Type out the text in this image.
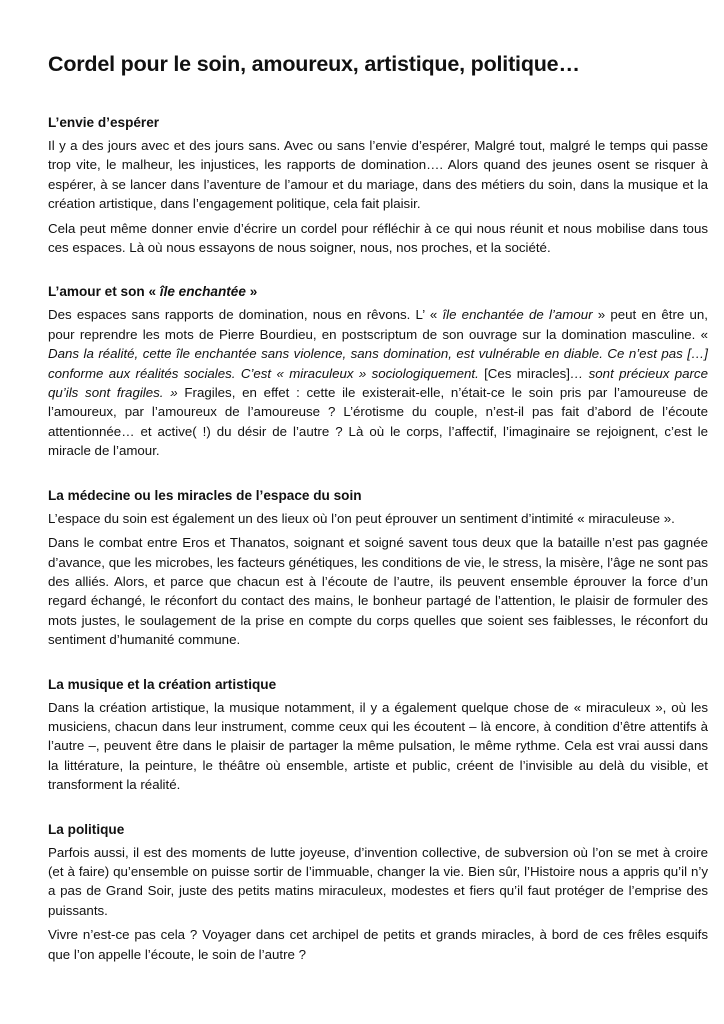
Cordel pour le soin, amoureux, artistique, politique…
L’envie d’espérer

Il y a des jours avec et des jours sans. Avec ou sans l’envie d’espérer, Malgré tout, malgré le temps qui passe trop vite, le malheur, les injustices, les rapports de domination…. Alors quand des jeunes osent se risquer à espérer, à se lancer dans l’aventure de l’amour et du mariage, dans des métiers du soin, dans la musique et la création artistique, dans l’engagement politique, cela fait plaisir.

Cela peut même donner envie d’écrire un cordel pour réfléchir à ce qui nous réunit et nous mobilise dans tous ces espaces. Là où nous essayons de nous soigner, nous, nos proches, et la société.

L’amour et son « île enchantée »

Des espaces sans rapports de domination, nous en rêvons. L’ « île enchantée de l’amour » peut en être un, pour reprendre les mots de Pierre Bourdieu, en postscriptum de son ouvrage sur la domination masculine. « Dans la réalité, cette île enchantée sans violence, sans domination, est vulnérable en diable. Ce n’est pas […] conforme aux réalités sociales. C’est « miraculeux » sociologiquement. [Ces miracles]… sont précieux parce qu’ils sont fragiles. » Fragiles, en effet : cette ile existerait-elle, n’était-ce le soin pris par l’amoureuse de l’amoureux, par l’amoureux de l’amoureuse ? L’érotisme du couple, n’est-il pas fait d’abord de l’écoute attentionnée… et active( !) du désir de l’autre ? Là où le corps, l’affectif, l’imaginaire se rejoignent, c’est le miracle de l’amour.

La médecine ou les miracles de l’espace du soin

L’espace du soin est également un des lieux où l’on peut éprouver un sentiment d’intimité « miraculeuse ».

Dans le combat entre Eros et Thanatos, soignant et soigné savent tous deux que la bataille n’est pas gagnée d’avance, que les microbes, les facteurs génétiques, les conditions de vie, le stress, la misère, l’âge ne sont pas des alliés. Alors, et parce que chacun est à l’écoute de l’autre, ils peuvent ensemble éprouver la force d’un regard échangé, le réconfort du contact des mains, le bonheur partagé de l’attention, le plaisir de formuler des mots justes, le soulagement de la prise en compte du corps quelles que soient ses faiblesses, le réconfort du sentiment d’humanité commune.

La musique et la création artistique

Dans la création artistique, la musique notamment, il y a également quelque chose de « miraculeux », où les musiciens, chacun dans leur instrument, comme ceux qui les écoutent – là encore, à condition d’être attentifs à l’autre –, peuvent être dans le plaisir de partager la même pulsation, le même rythme. Cela est vrai aussi dans la littérature, la peinture, le théâtre où ensemble, artiste et public, créent de l’invisible au delà du visible, et transforment la réalité.

La politique

Parfois aussi, il est des moments de lutte joyeuse, d’invention collective, de subversion où l’on se met à croire (et à faire) qu’ensemble on puisse sortir de l’immuable, changer la vie. Bien sûr, l’Histoire nous a appris qu’il n’y a pas de Grand Soir, juste des petits matins miraculeux, modestes et fiers qu’il faut protéger de l’emprise des puissants.

Vivre n’est-ce pas cela ? Voyager dans cet archipel de petits et grands miracles, à bord de ces frêles esquifs que l’on appelle l’écoute, le soin de l’autre ?
